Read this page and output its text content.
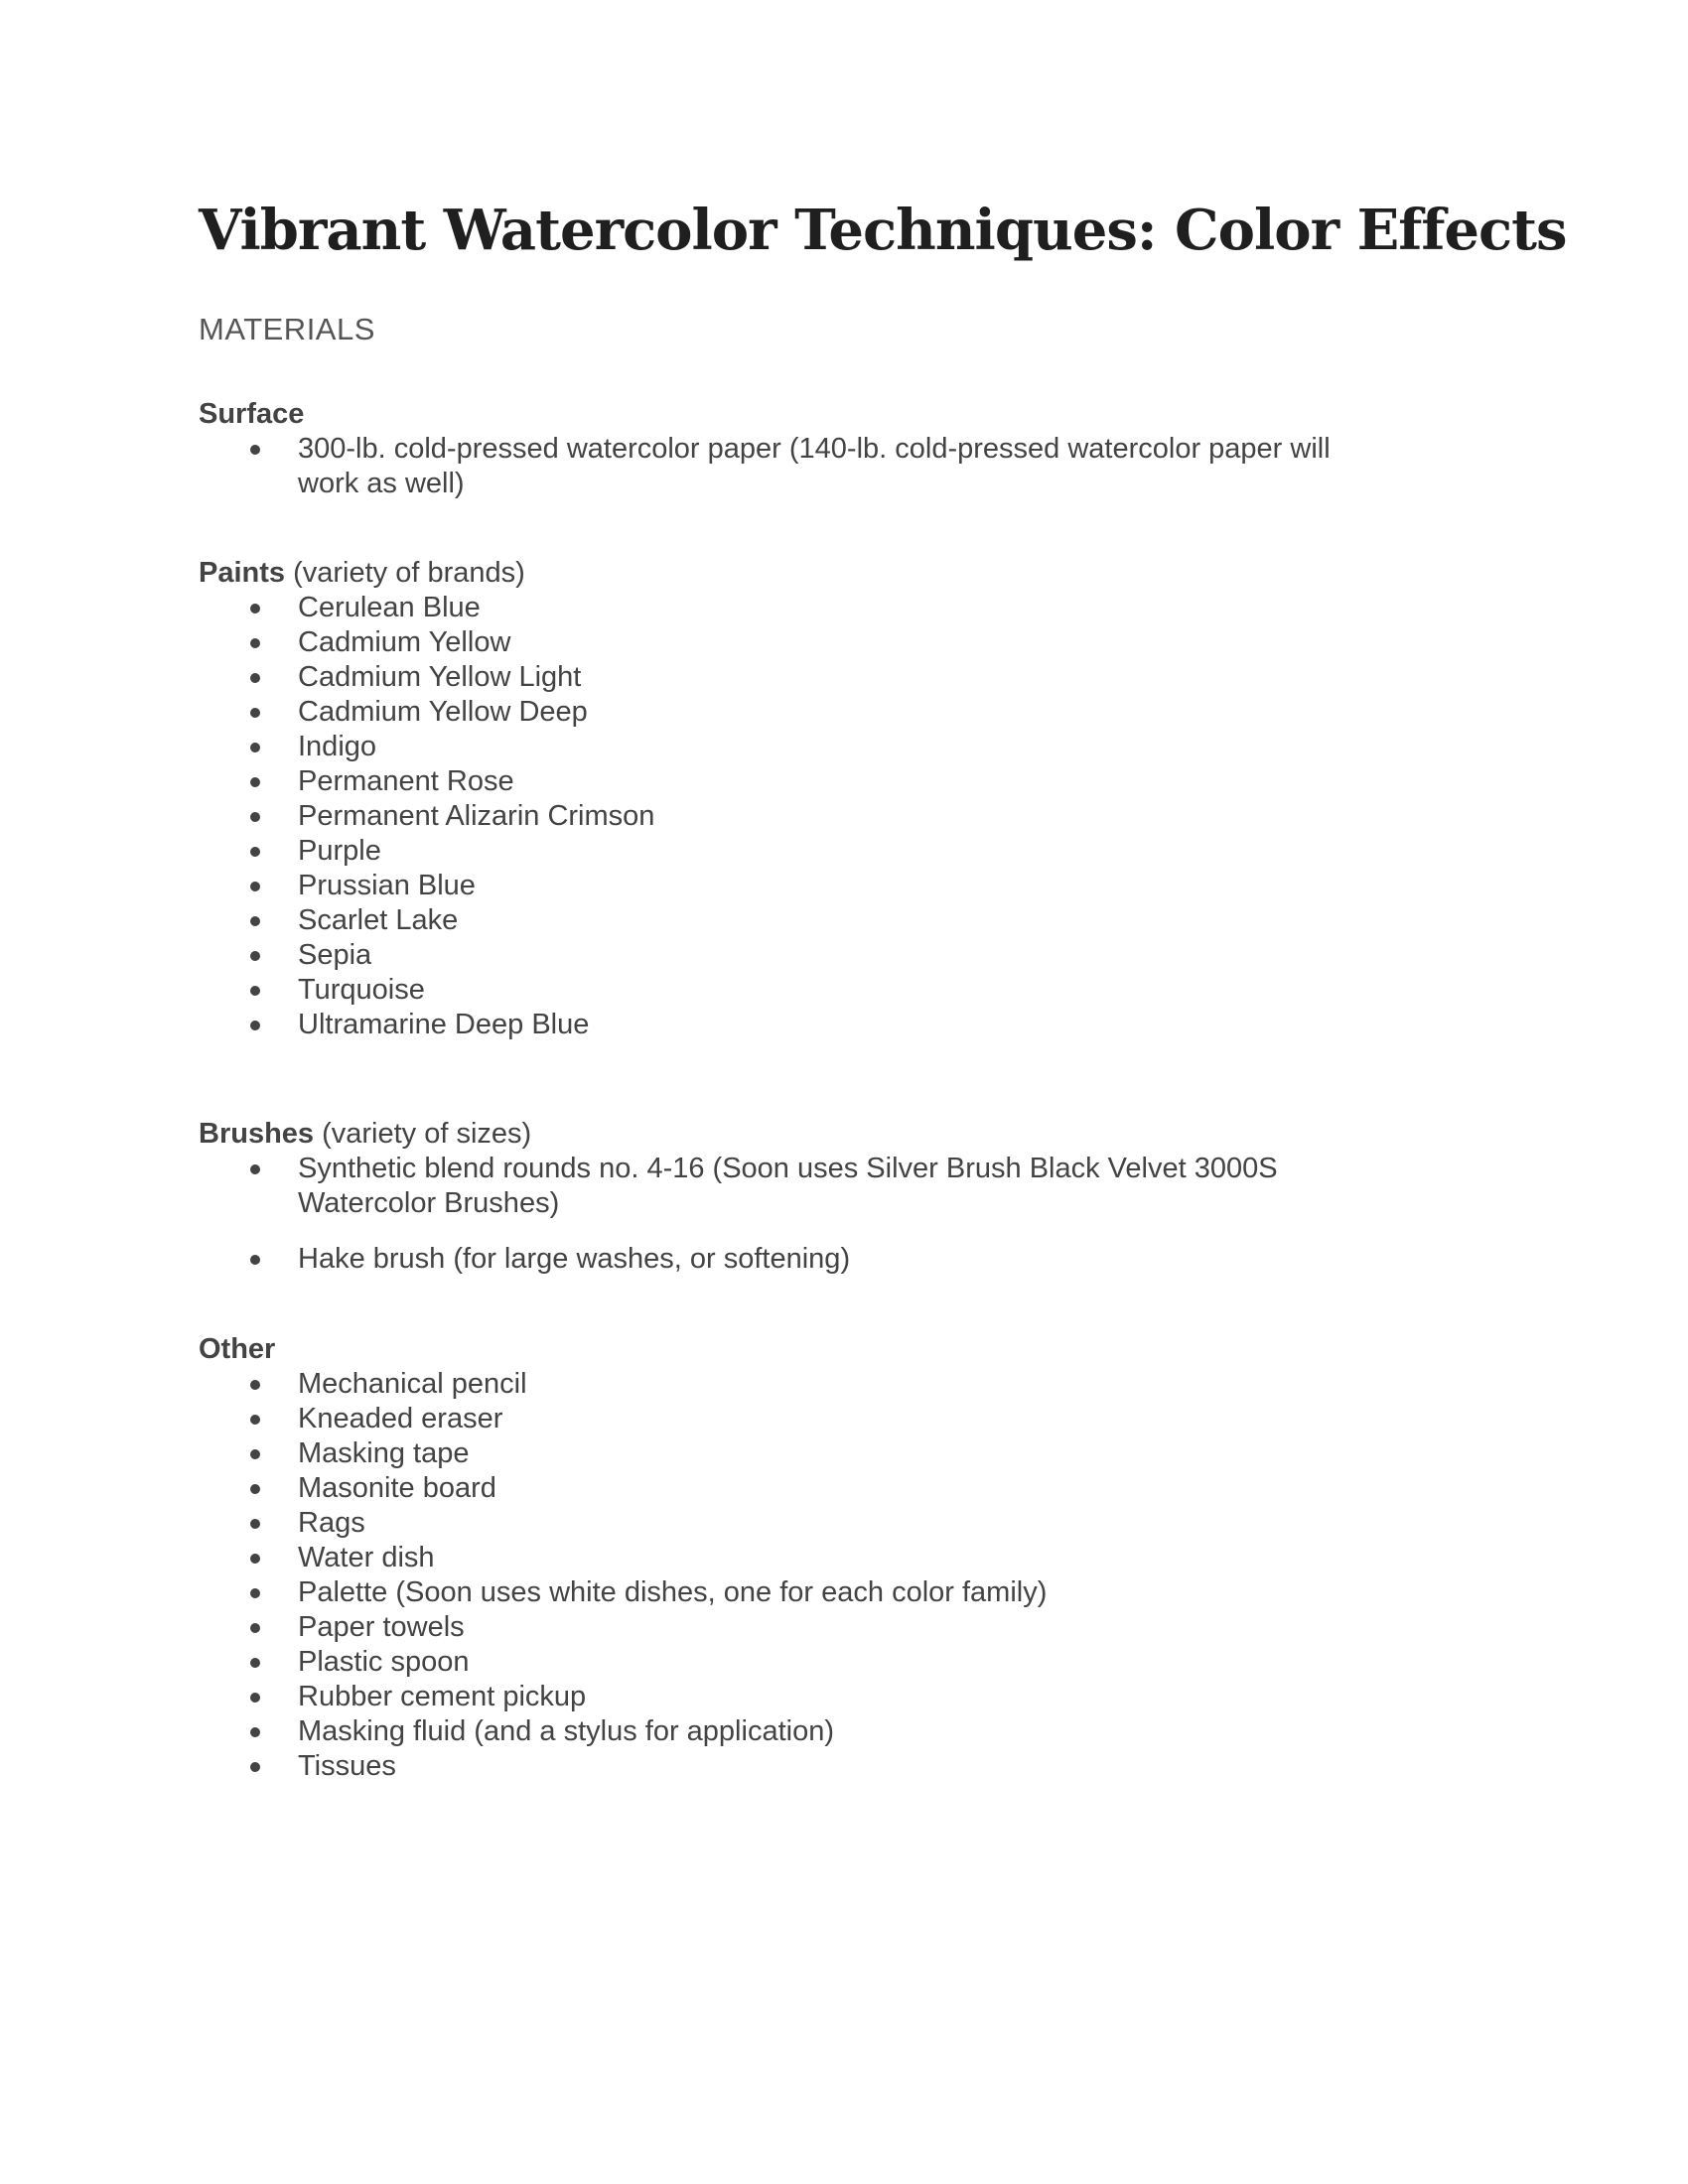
Vibrant Watercolor Techniques: Color Effects
MATERIALS
Surface
300-lb. cold-pressed watercolor paper (140-lb. cold-pressed watercolor paper will work as well)
Paints (variety of brands)
Cerulean Blue
Cadmium Yellow
Cadmium Yellow Light
Cadmium Yellow Deep
Indigo
Permanent Rose
Permanent Alizarin Crimson
Purple
Prussian Blue
Scarlet Lake
Sepia
Turquoise
Ultramarine Deep Blue
Brushes (variety of sizes)
Synthetic blend rounds no. 4-16 (Soon uses Silver Brush Black Velvet 3000S Watercolor Brushes)
Hake brush (for large washes, or softening)
Other
Mechanical pencil
Kneaded eraser
Masking tape
Masonite board
Rags
Water dish
Palette (Soon uses white dishes, one for each color family)
Paper towels
Plastic spoon
Rubber cement pickup
Masking fluid (and a stylus for application)
Tissues
